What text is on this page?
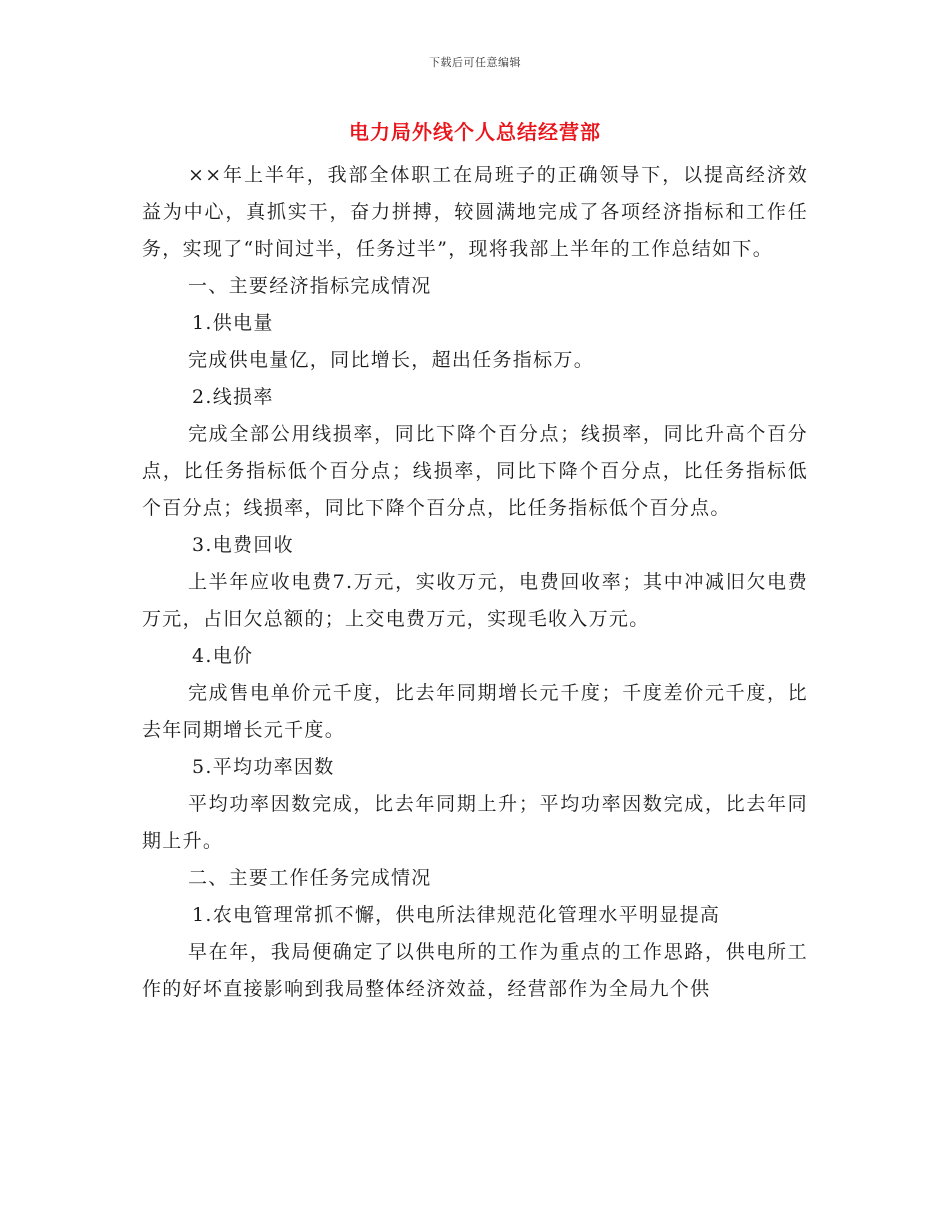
下载后可任意编辑
电力局外线个人总结经营部

××年上半年，我部全体职工在局班子的正确领导下，以提高经济效益为中心，真抓实干，奋力拼搏，较圆满地完成了各项经济指标和工作任务，实现了“时间过半，任务过半”，现将我部上半年的工作总结如下。

一、主要经济指标完成情况

1.供电量

完成供电量亿，同比增长，超出任务指标万。

2.线损率

完成全部公用线损率，同比下降个百分点；线损率，同比升高个百分点，比任务指标低个百分点；线损率，同比下降个百分点，比任务指标低个百分点；线损率，同比下降个百分点，比任务指标低个百分点。

3.电费回收

上半年应收电费7.万元，实收万元，电费回收率；其中冲减旧欠电费万元，占旧欠总额的；上交电费万元，实现毛收入万元。

4.电价

完成售电单价元千度，比去年同期增长元千度；千度差价元千度，比去年同期增长元千度。

5.平均功率因数

平均功率因数完成，比去年同期上升；平均功率因数完成，比去年同期上升。

二、主要工作任务完成情况

1.农电管理常抓不懈，供电所法律规范化管理水平明显提高

早在年，我局便确定了以供电所的工作为重点的工作思路，供电所工作的好坏直接影响到我局整体经济效益，经营部作为全局九个供
